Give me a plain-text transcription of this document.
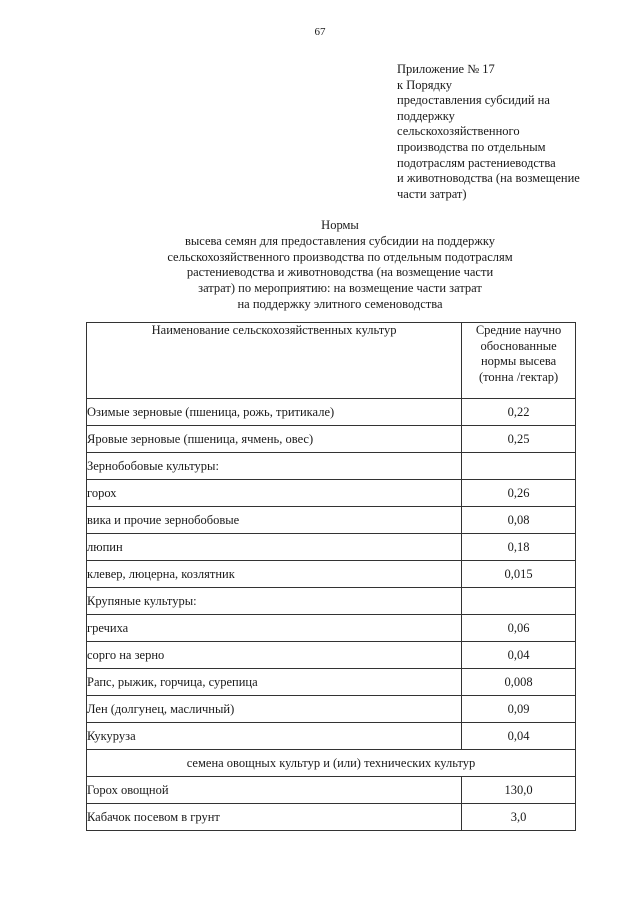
67
Приложение № 17
к Порядку
предоставления субсидий на
поддержку
сельскохозяйственного
производства по отдельным
подотраслям растениеводства
и животноводства (на возмещение
части затрат)
Нормы
высева семян для предоставления субсидии на поддержку
сельскохозяйственного производства по отдельным подотраслям
растениеводства и животноводства (на возмещение части
затрат) по мероприятию: на возмещение части затрат
на поддержку элитного семеноводства
Наименование сельскохозяйственных культур	Средние научно
обоснованные
нормы высева
(тонна /гектар)

Озимые зерновые (пшеница, рожь, тритикале)	0,22
Яровые зерновые (пшеница, ячмень, овес)	0,25
Зернобобовые культуры:	
горох	0,26
вика и прочие зернобобовые	0,08
люпин	0,18
клевер, люцерна, козлятник	0,015
Крупяные культуры:	
гречиха	0,06
сорго на зерно	0,04
Рапс, рыжик, горчица, сурепица	0,008
Лен (долгунец, масличный)	0,09
Кукуруза	0,04
семена овощных культур и (или) технических культур	
Горох овощной	130,0
Кабачок посевом в грунт	3,0
